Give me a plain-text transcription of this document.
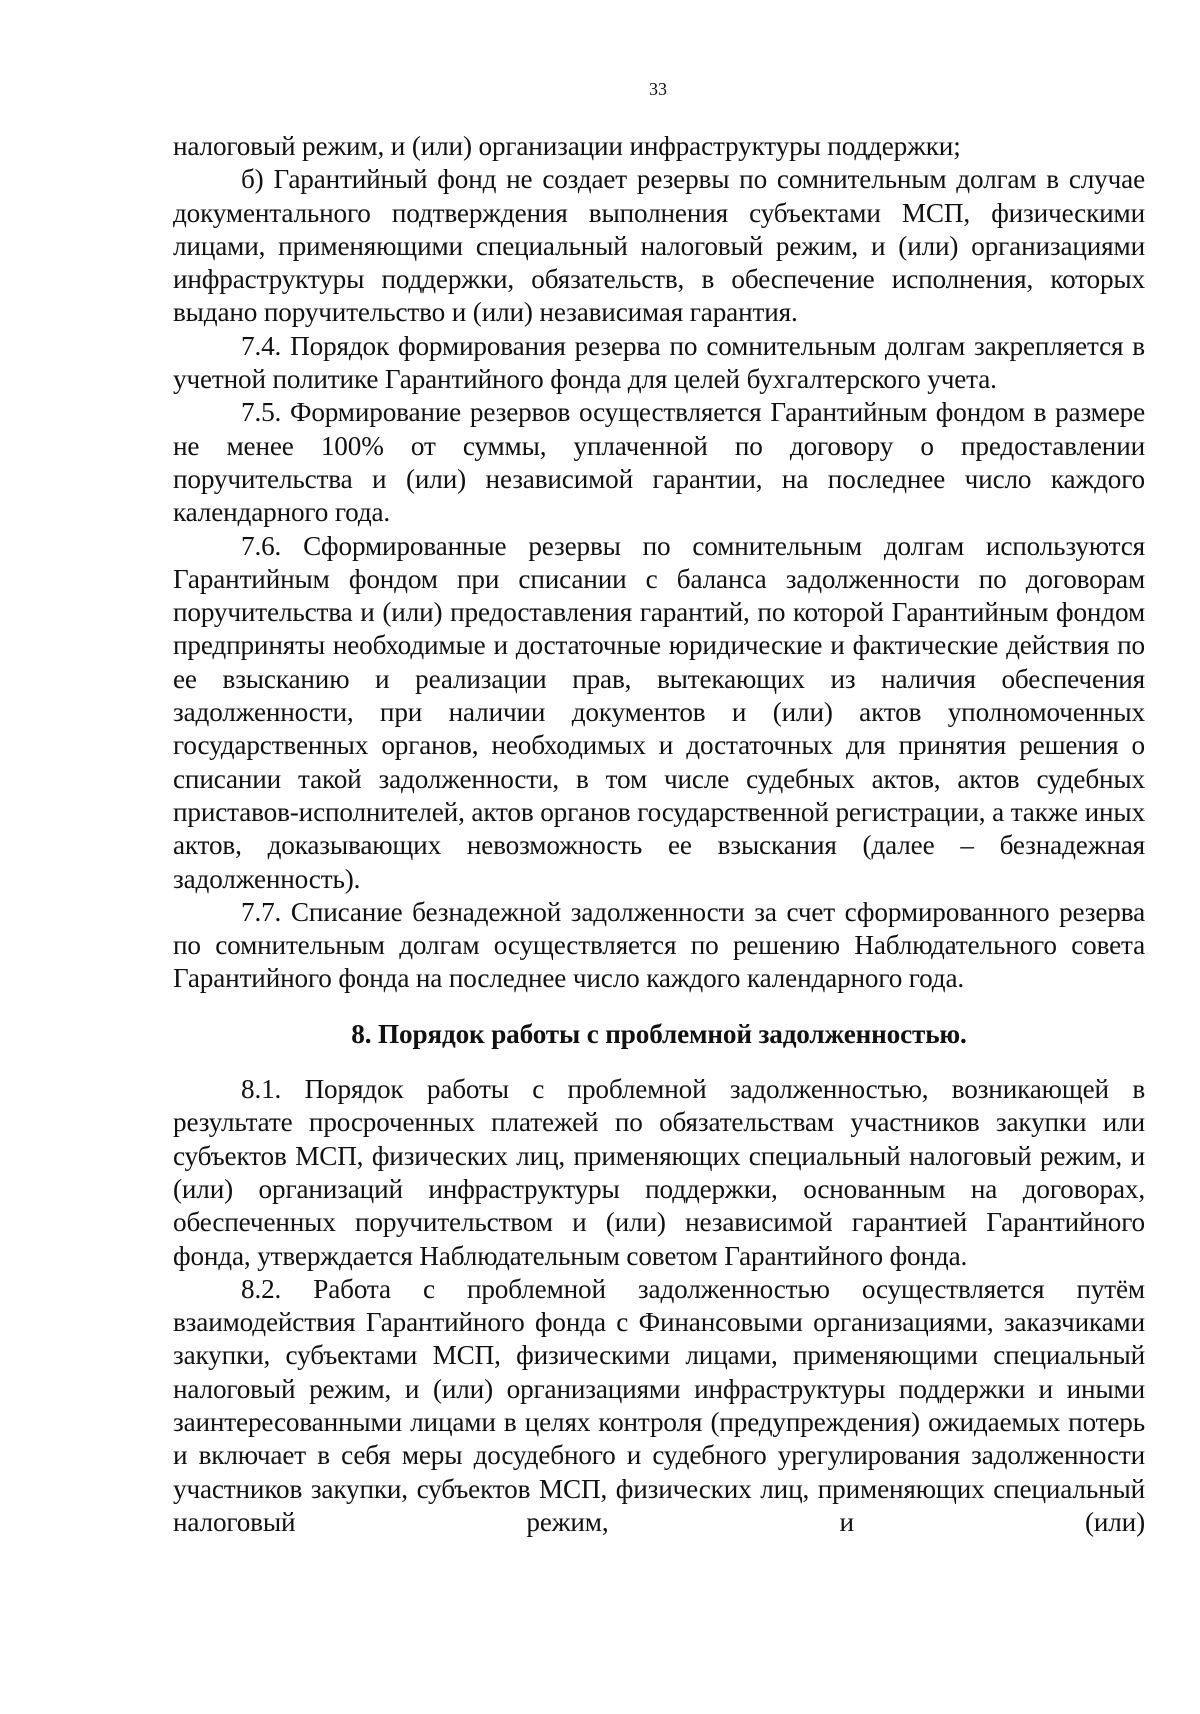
33

налоговый режим, и (или) организации инфраструктуры поддержки;

б) Гарантийный фонд не создает резервы по сомнительным долгам в случае документального подтверждения выполнения субъектами МСП, физическими лицами, применяющими специальный налоговый режим, и (или) организациями инфраструктуры поддержки, обязательств, в обеспечение исполнения, которых выдано поручительство и (или) независимая гарантия.

7.4. Порядок формирования резерва по сомнительным долгам закрепляется в учетной политике Гарантийного фонда для целей бухгалтерского учета.

7.5. Формирование резервов осуществляется Гарантийным фондом в размере не менее 100% от суммы, уплаченной по договору о предоставлении поручительства и (или) независимой гарантии, на последнее число каждого календарного года.

7.6. Сформированные резервы по сомнительным долгам используются Гарантийным фондом при списании с баланса задолженности по договорам поручительства и (или) предоставления гарантий, по которой Гарантийным фондом предприняты необходимые и достаточные юридические и фактические действия по ее взысканию и реализации прав, вытекающих из наличия обеспечения задолженности, при наличии документов и (или) актов уполномоченных государственных органов, необходимых и достаточных для принятия решения о списании такой задолженности, в том числе судебных актов, актов судебных приставов-исполнителей, актов органов государственной регистрации, а также иных актов, доказывающих невозможность ее взыскания (далее – безнадежная задолженность).

7.7. Списание безнадежной задолженности за счет сформированного резерва по сомнительным долгам осуществляется по решению Наблюдательного совета Гарантийного фонда на последнее число каждого календарного года.

8. Порядок работы с проблемной задолженностью.

8.1. Порядок работы с проблемной задолженностью, возникающей в результате просроченных платежей по обязательствам участников закупки или субъектов МСП, физических лиц, применяющих специальный налоговый режим, и (или) организаций инфраструктуры поддержки, основанным на договорах, обеспеченных поручительством и (или) независимой гарантией Гарантийного фонда, утверждается Наблюдательным советом Гарантийного фонда.

8.2. Работа с проблемной задолженностью осуществляется путём взаимодействия Гарантийного фонда с Финансовыми организациями, заказчиками закупки, субъектами МСП, физическими лицами, применяющими специальный налоговый режим, и (или) организациями инфраструктуры поддержки и иными заинтересованными лицами в целях контроля (предупреждения) ожидаемых потерь и включает в себя меры досудебного и судебного урегулирования задолженности участников закупки, субъектов МСП, физических лиц, применяющих специальный налоговый режим, и (или)
